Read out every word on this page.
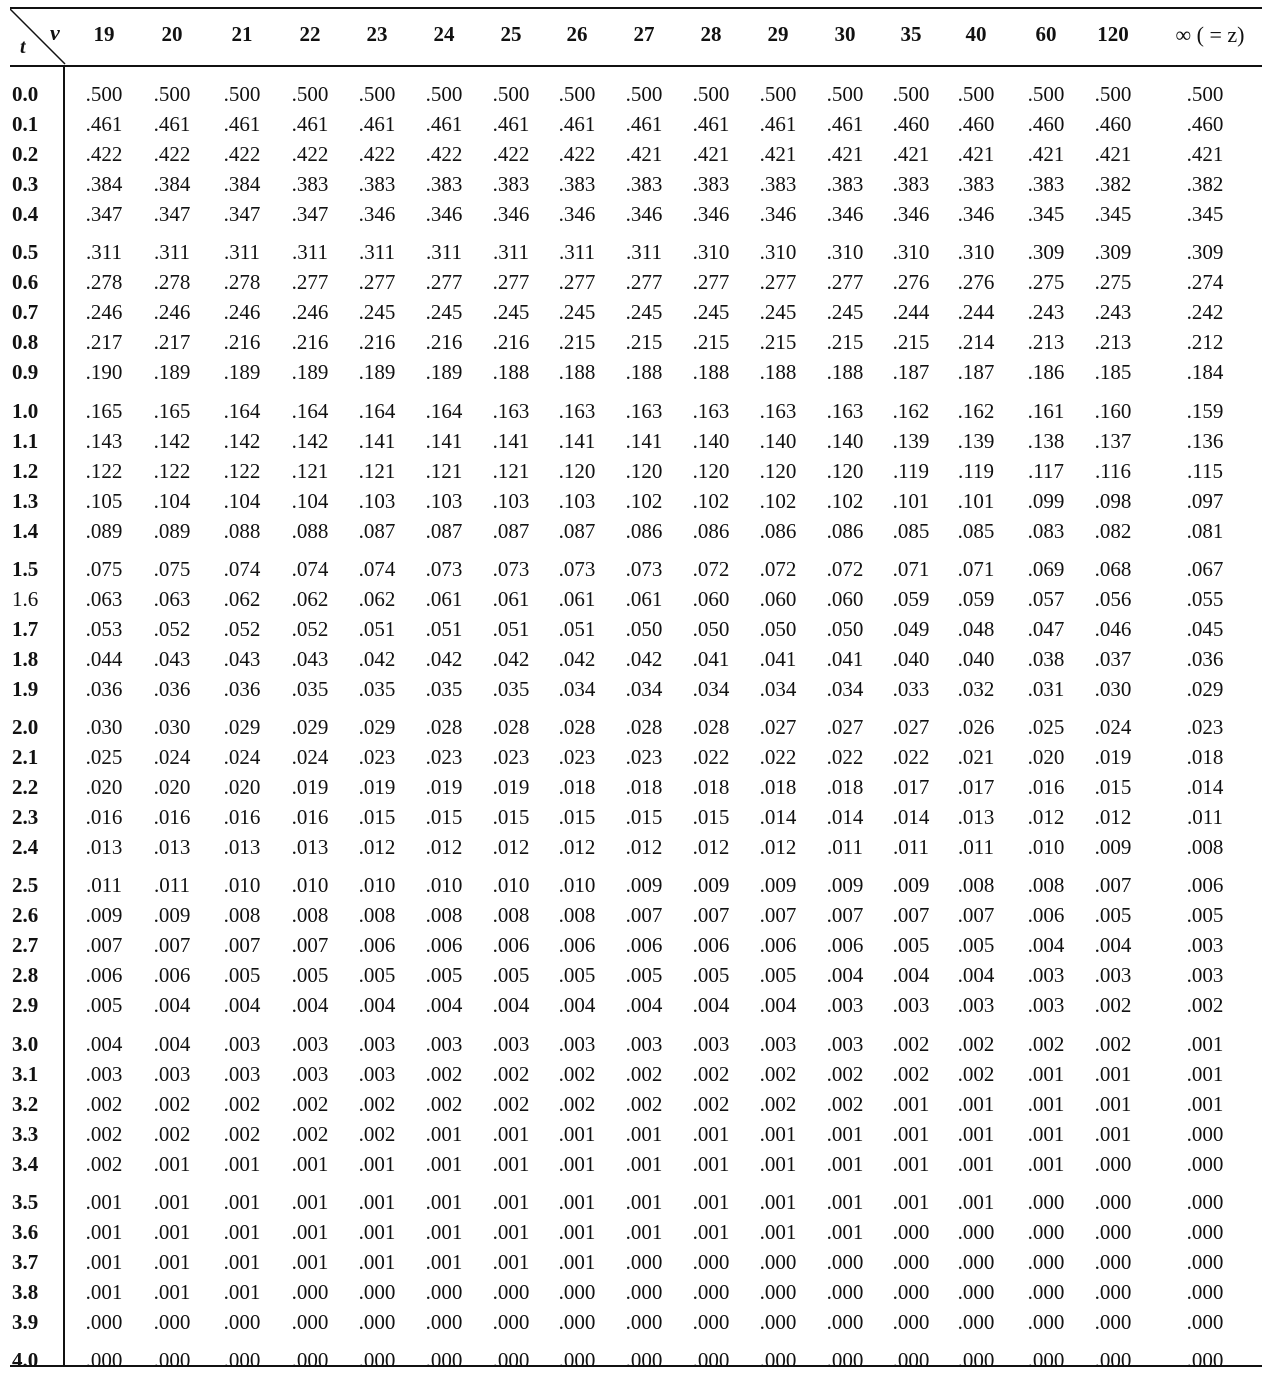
t
ν	19	20	21	22	23	24	25	26	27	28	29	30	35	40	60	120	∞ ( = z)
0.0	.500	.500	.500	.500	.500	.500	.500	.500	.500	.500	.500	.500	.500	.500	.500	.500	.500
0.1	.461	.461	.461	.461	.461	.461	.461	.461	.461	.461	.461	.461	.460	.460	.460	.460	.460
0.2	.422	.422	.422	.422	.422	.422	.422	.422	.421	.421	.421	.421	.421	.421	.421	.421	.421
0.3	.384	.384	.384	.383	.383	.383	.383	.383	.383	.383	.383	.383	.383	.383	.383	.382	.382
0.4	.347	.347	.347	.347	.346	.346	.346	.346	.346	.346	.346	.346	.346	.346	.345	.345	.345
0.5	.311	.311	.311	.311	.311	.311	.311	.311	.311	.310	.310	.310	.310	.310	.309	.309	.309
0.6	.278	.278	.278	.277	.277	.277	.277	.277	.277	.277	.277	.277	.276	.276	.275	.275	.274
0.7	.246	.246	.246	.246	.245	.245	.245	.245	.245	.245	.245	.245	.244	.244	.243	.243	.242
0.8	.217	.217	.216	.216	.216	.216	.216	.215	.215	.215	.215	.215	.215	.214	.213	.213	.212
0.9	.190	.189	.189	.189	.189	.189	.188	.188	.188	.188	.188	.188	.187	.187	.186	.185	.184
1.0	.165	.165	.164	.164	.164	.164	.163	.163	.163	.163	.163	.163	.162	.162	.161	.160	.159
1.1	.143	.142	.142	.142	.141	.141	.141	.141	.141	.140	.140	.140	.139	.139	.138	.137	.136
1.2	.122	.122	.122	.121	.121	.121	.121	.120	.120	.120	.120	.120	.119	.119	.117	.116	.115
1.3	.105	.104	.104	.104	.103	.103	.103	.103	.102	.102	.102	.102	.101	.101	.099	.098	.097
1.4	.089	.089	.088	.088	.087	.087	.087	.087	.086	.086	.086	.086	.085	.085	.083	.082	.081
1.5	.075	.075	.074	.074	.074	.073	.073	.073	.073	.072	.072	.072	.071	.071	.069	.068	.067
1.6	.063	.063	.062	.062	.062	.061	.061	.061	.061	.060	.060	.060	.059	.059	.057	.056	.055
1.7	.053	.052	.052	.052	.051	.051	.051	.051	.050	.050	.050	.050	.049	.048	.047	.046	.045
1.8	.044	.043	.043	.043	.042	.042	.042	.042	.042	.041	.041	.041	.040	.040	.038	.037	.036
1.9	.036	.036	.036	.035	.035	.035	.035	.034	.034	.034	.034	.034	.033	.032	.031	.030	.029
2.0	.030	.030	.029	.029	.029	.028	.028	.028	.028	.028	.027	.027	.027	.026	.025	.024	.023
2.1	.025	.024	.024	.024	.023	.023	.023	.023	.023	.022	.022	.022	.022	.021	.020	.019	.018
2.2	.020	.020	.020	.019	.019	.019	.019	.018	.018	.018	.018	.018	.017	.017	.016	.015	.014
2.3	.016	.016	.016	.016	.015	.015	.015	.015	.015	.015	.014	.014	.014	.013	.012	.012	.011
2.4	.013	.013	.013	.013	.012	.012	.012	.012	.012	.012	.012	.011	.011	.011	.010	.009	.008
2.5	.011	.011	.010	.010	.010	.010	.010	.010	.009	.009	.009	.009	.009	.008	.008	.007	.006
2.6	.009	.009	.008	.008	.008	.008	.008	.008	.007	.007	.007	.007	.007	.007	.006	.005	.005
2.7	.007	.007	.007	.007	.006	.006	.006	.006	.006	.006	.006	.006	.005	.005	.004	.004	.003
2.8	.006	.006	.005	.005	.005	.005	.005	.005	.005	.005	.005	.004	.004	.004	.003	.003	.003
2.9	.005	.004	.004	.004	.004	.004	.004	.004	.004	.004	.004	.003	.003	.003	.003	.002	.002
3.0	.004	.004	.003	.003	.003	.003	.003	.003	.003	.003	.003	.003	.002	.002	.002	.002	.001
3.1	.003	.003	.003	.003	.003	.002	.002	.002	.002	.002	.002	.002	.002	.002	.001	.001	.001
3.2	.002	.002	.002	.002	.002	.002	.002	.002	.002	.002	.002	.002	.001	.001	.001	.001	.001
3.3	.002	.002	.002	.002	.002	.001	.001	.001	.001	.001	.001	.001	.001	.001	.001	.001	.000
3.4	.002	.001	.001	.001	.001	.001	.001	.001	.001	.001	.001	.001	.001	.001	.001	.000	.000
3.5	.001	.001	.001	.001	.001	.001	.001	.001	.001	.001	.001	.001	.001	.001	.000	.000	.000
3.6	.001	.001	.001	.001	.001	.001	.001	.001	.001	.001	.001	.001	.000	.000	.000	.000	.000
3.7	.001	.001	.001	.001	.001	.001	.001	.001	.000	.000	.000	.000	.000	.000	.000	.000	.000
3.8	.001	.001	.001	.000	.000	.000	.000	.000	.000	.000	.000	.000	.000	.000	.000	.000	.000
3.9	.000	.000	.000	.000	.000	.000	.000	.000	.000	.000	.000	.000	.000	.000	.000	.000	.000
4.0	.000	.000	.000	.000	.000	.000	.000	.000	.000	.000	.000	.000	.000	.000	.000	.000	.000
